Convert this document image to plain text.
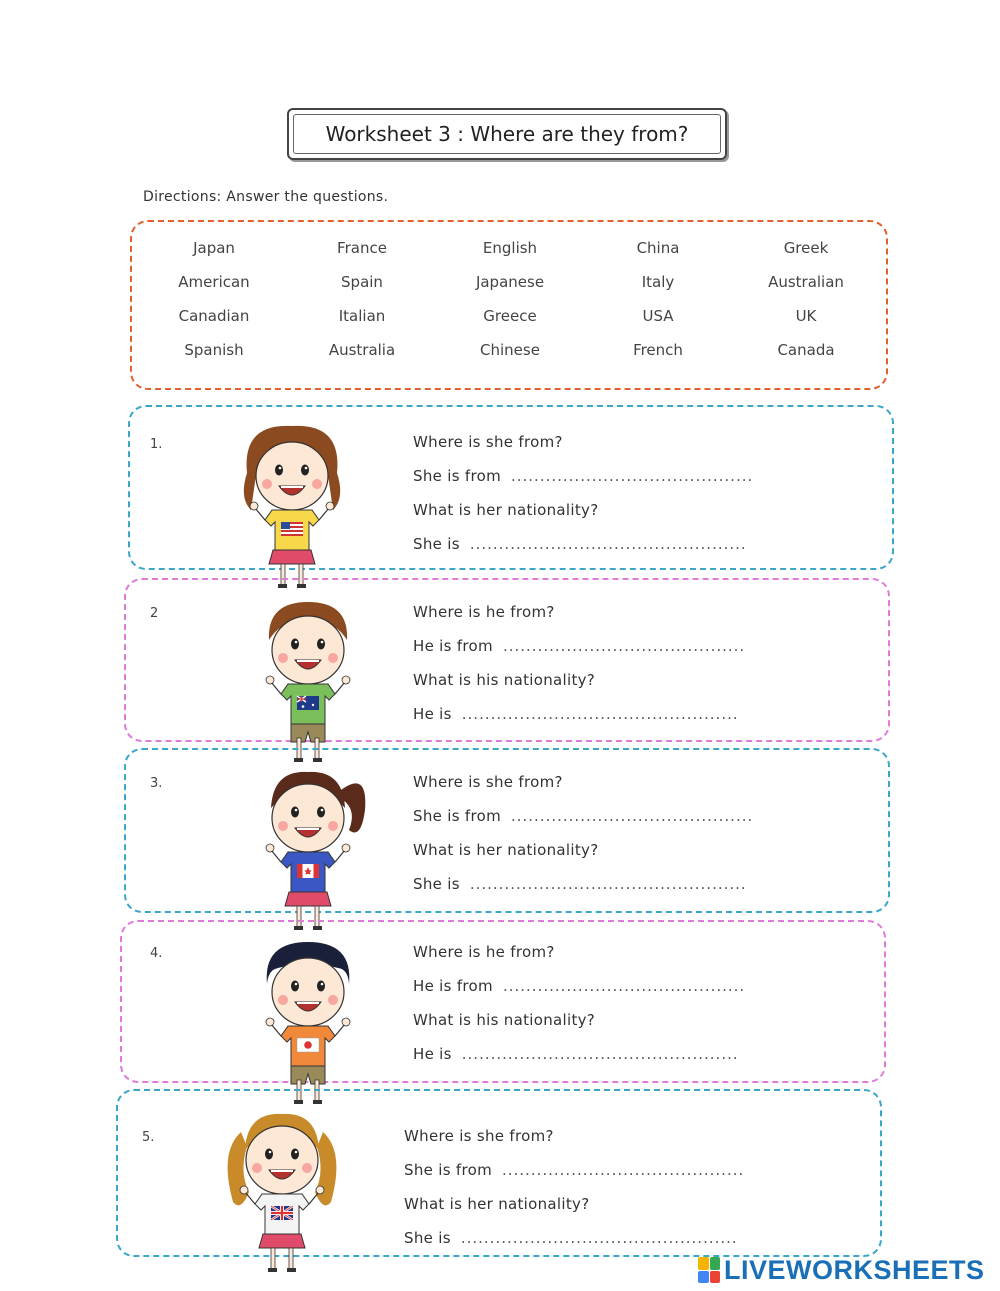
Worksheet 3 : Where are they from?
Directions: Answer the questions.
Japan	France	English	China	Greek
American	Spain	Japanese	Italy	Australian
Canadian	Italian	Greece	USA	UK
Spanish	Australia	Chinese	French	Canada
1.	Where is she from?
She is from ..........................................
What is her nationality?
She is ................................................
2	Where is he from?
He is from ..........................................
What is his nationality?
He is ................................................
3.	Where is she from?
She is from ..........................................
What is her nationality?
She is ................................................
4.	Where is he from?
He is from ..........................................
What is his nationality?
He is ................................................
5.	Where is she from?
She is from ..........................................
What is her nationality?
She is ................................................
LIVEWORKSHEETS
